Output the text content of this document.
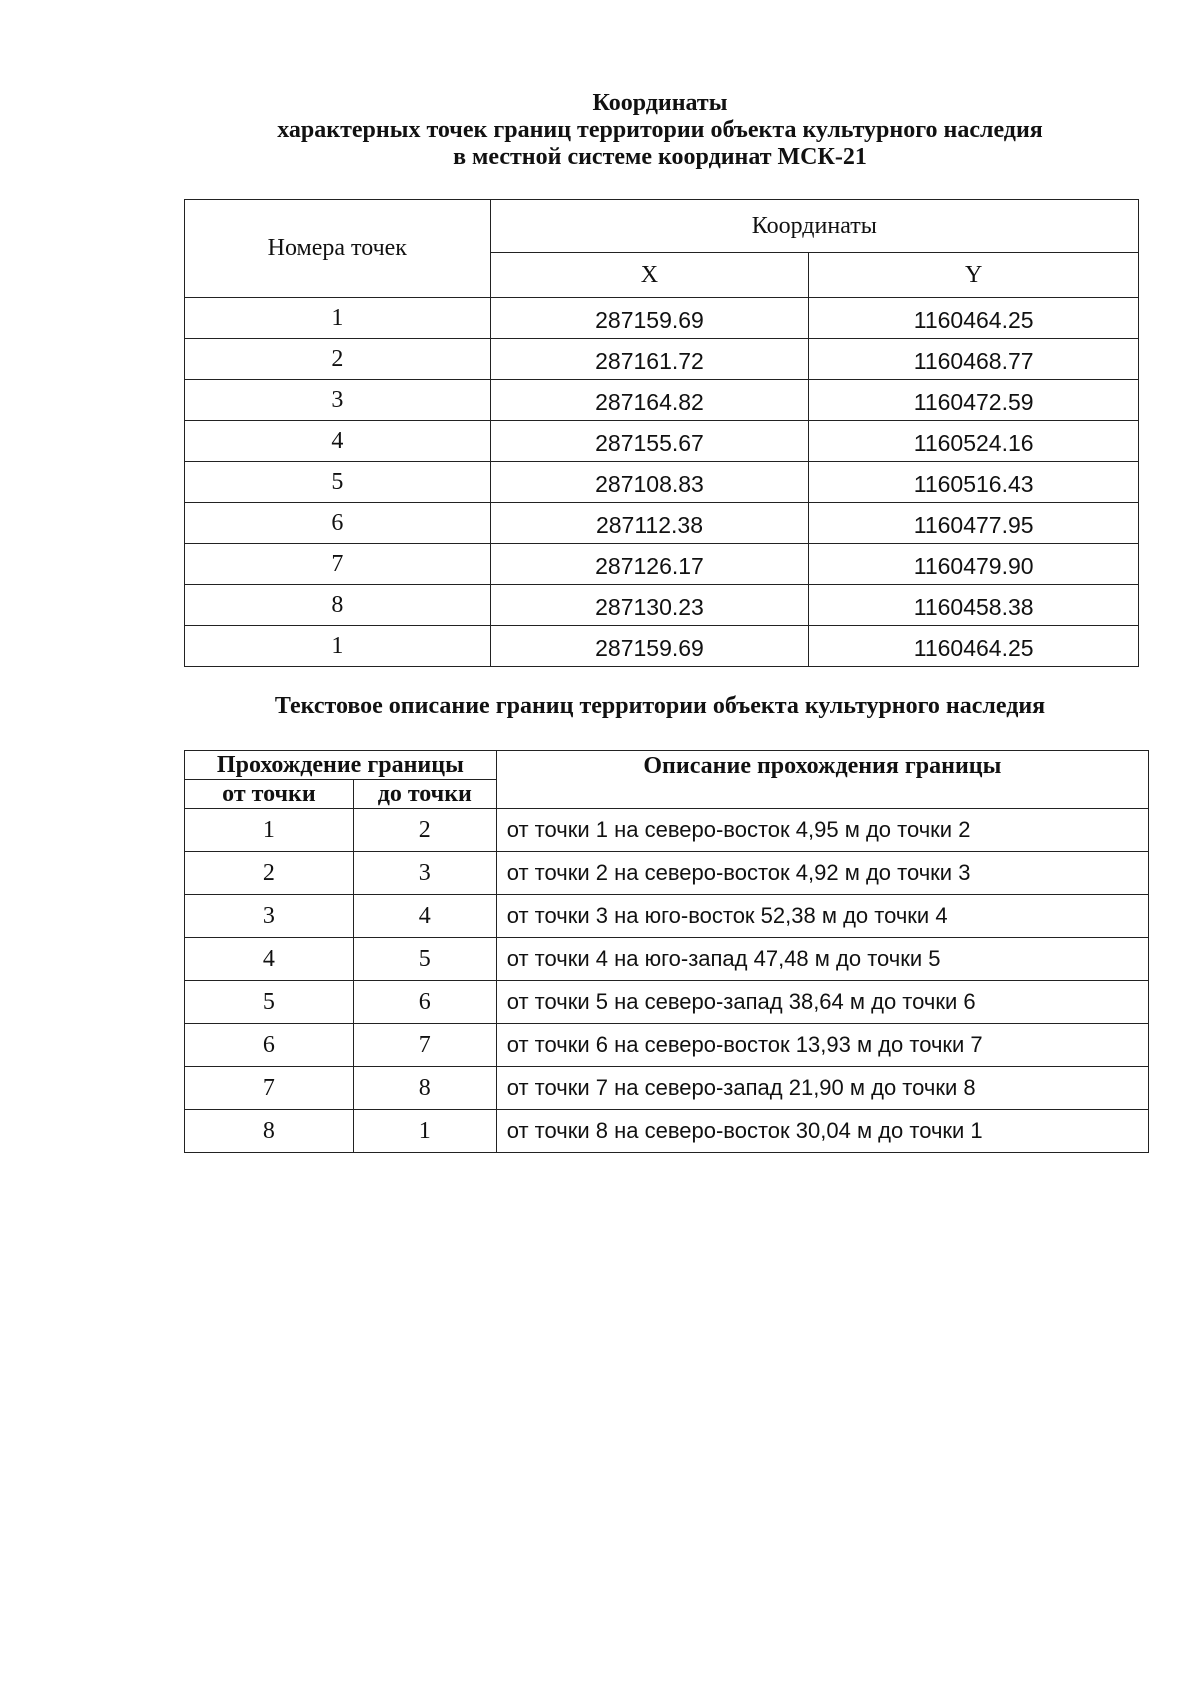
Координаты
характерных точек границ территории объекта культурного наследия
в местной системе координат МСК-21
Номера точек	Координаты	
	X	Y
1	287159.69	1160464.25
2	287161.72	1160468.77
3	287164.82	1160472.59
4	287155.67	1160524.16
5	287108.83	1160516.43
6	287112.38	1160477.95
7	287126.17	1160479.90
8	287130.23	1160458.38
1	287159.69	1160464.25
Текстовое описание границ территории объекта культурного наследия
Прохождение границы		Описание прохождения границы
от точки	до точки	
1	2	от точки 1 на северо-восток 4,95 м до точки 2
2	3	от точки 2 на северо-восток 4,92 м до точки 3
3	4	от точки 3 на юго-восток 52,38 м до точки 4
4	5	от точки 4 на юго-запад 47,48 м до точки 5
5	6	от точки 5 на северо-запад 38,64 м до точки 6
6	7	от точки 6 на северо-восток 13,93 м до точки 7
7	8	от точки 7 на северо-запад 21,90 м до точки 8
8	1	от точки 8 на северо-восток 30,04 м до точки 1
